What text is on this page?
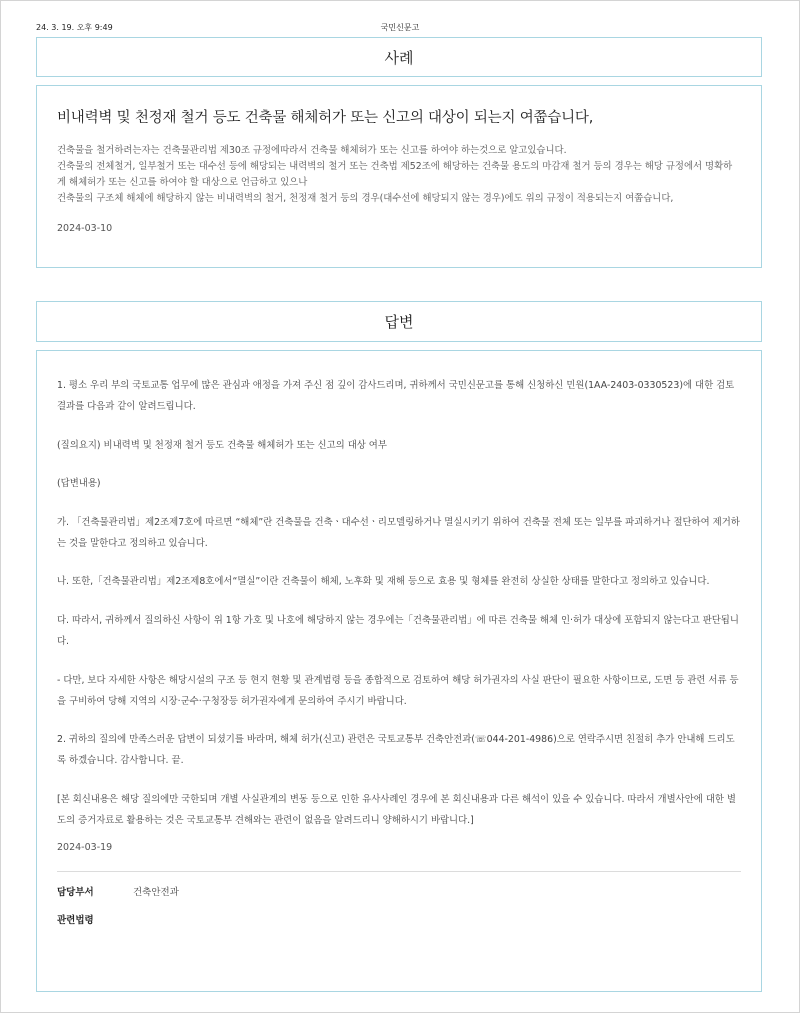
24. 3. 19. 오후 9:49	국민신문고
사례
비내력벽 및 천정재 철거 등도 건축물 해체허가 또는 신고의 대상이 되는지 여쭙습니다,

건축물을 철거하려는자는 건축물관리법 제30조 규정에따라서 건축물 해체허가 또는 신고를 하여야 하는것으로 알고있습니다.

건축물의 전체철거, 일부철거 또는 대수선 등에 해당되는 내력벽의 철거 또는 건축법 제52조에 해당하는 건축물 용도의 마감재 철거 등의 경우는 해당 규정에서 명확하게 해체허가 또는 신고를 하여야 할 대상으로 언급하고 있으나

건축물의 구조체 해체에 해당하지 않는 비내력벽의 철거, 천정재 철거 등의 경우(대수선에 해당되지 않는 경우)에도 위의 규정이 적용되는지 여쭙습니다,

2024-03-10
답변

1. 평소 우리 부의 국토교통 업무에 많은 관심과 애정을 가져 주신 점 깊이 감사드리며, 귀하께서 국민신문고를 통해 신청하신 민원(1AA-2403-0330523)에 대한 검토결과를 다음과 같이 알려드립니다.

(질의요지) 비내력벽 및 천정재 철거 등도 건축물 해체허가 또는 신고의 대상 여부

(답변내용)

가. 「건축물관리법」제2조제7호에 따르면 “해체”란 건축물을 건축ㆍ대수선ㆍ리모델링하거나 멸실시키기 위하여 건축물 전체 또는 일부를 파괴하거나 절단하여 제거하는 것을 말한다고 정의하고 있습니다.

나. 또한,「건축물관리법」제2조제8호에서“멸실”이란 건축물이 해체, 노후화 및 재해 등으로 효용 및 형체를 완전히 상실한 상태를 말한다고 정의하고 있습니다.

다. 따라서, 귀하께서 질의하신 사항이 위 1항 가호 및 나호에 해당하지 않는 경우에는「건축물관리법」에 따른 건축물 해체 인·허가 대상에 포함되지 않는다고 판단됩니다.

- 다만, 보다 자세한 사항은 해당시설의 구조 등 현지 현황 및 관계법령 등을 종합적으로 검토하여 해당 허가권자의 사실 판단이 필요한 사항이므로, 도면 등 관련 서류 등을 구비하여 당해 지역의 시장·군수·구청장등 허가권자에게 문의하여 주시기 바랍니다.

2. 귀하의 질의에 만족스러운 답변이 되셨기를 바라며, 해체 허가(신고) 관련은 국토교통부 건축안전과(☏044-201-4986)으로 연락주시면 친절히 추가 안내해 드리도록 하겠습니다. 감사합니다. 끝.

[본 회신내용은 해당 질의에만 국한되며 개별 사실관계의 변동 등으로 인한 유사사례인 경우에 본 회신내용과 다른 해석이 있을 수 있습니다. 따라서 개별사안에 대한 별도의 증거자료로 활용하는 것은 국토교통부 견해와는 관련이 없음을 알려드리니 양해하시기 바랍니다.]

2024-03-19
담당부서	건축안전과
관련법령
